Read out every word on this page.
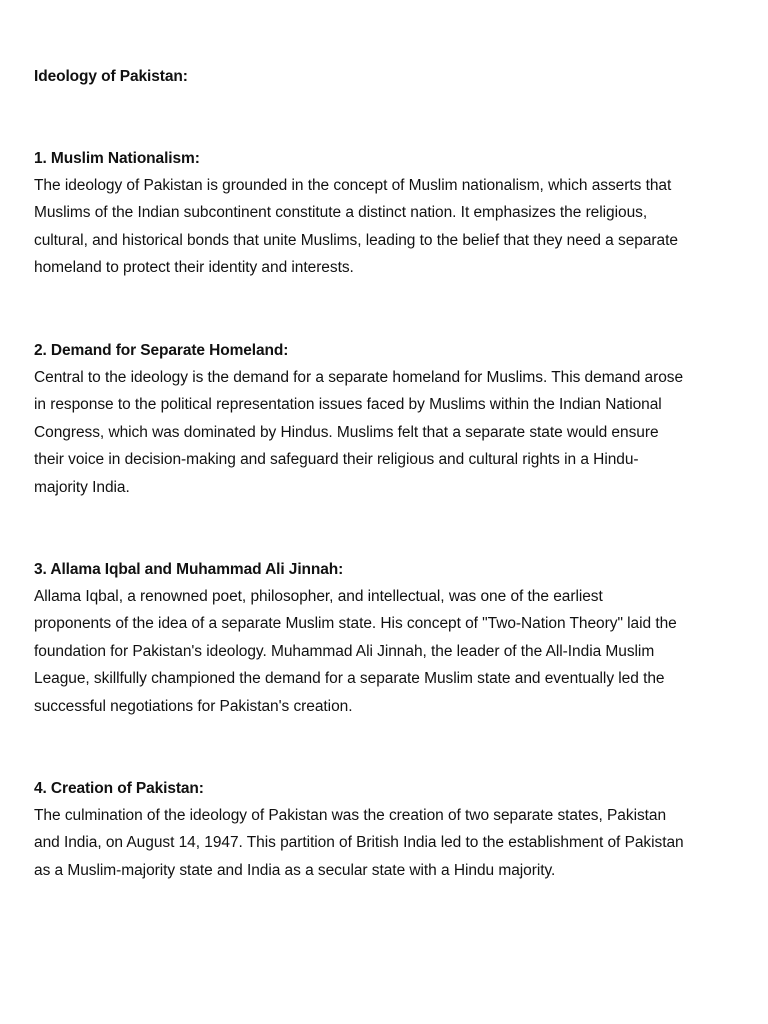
Ideology of Pakistan:

1. Muslim Nationalism:

The ideology of Pakistan is grounded in the concept of Muslim nationalism, which asserts that Muslims of the Indian subcontinent constitute a distinct nation. It emphasizes the religious, cultural, and historical bonds that unite Muslims, leading to the belief that they need a separate homeland to protect their identity and interests.

2. Demand for Separate Homeland:

Central to the ideology is the demand for a separate homeland for Muslims. This demand arose in response to the political representation issues faced by Muslims within the Indian National Congress, which was dominated by Hindus. Muslims felt that a separate state would ensure their voice in decision-making and safeguard their religious and cultural rights in a Hindu-majority India.

3. Allama Iqbal and Muhammad Ali Jinnah:

Allama Iqbal, a renowned poet, philosopher, and intellectual, was one of the earliest proponents of the idea of a separate Muslim state. His concept of "Two-Nation Theory" laid the foundation for Pakistan's ideology. Muhammad Ali Jinnah, the leader of the All-India Muslim League, skillfully championed the demand for a separate Muslim state and eventually led the successful negotiations for Pakistan's creation.

4. Creation of Pakistan:

The culmination of the ideology of Pakistan was the creation of two separate states, Pakistan and India, on August 14, 1947. This partition of British India led to the establishment of Pakistan as a Muslim-majority state and India as a secular state with a Hindu majority.
